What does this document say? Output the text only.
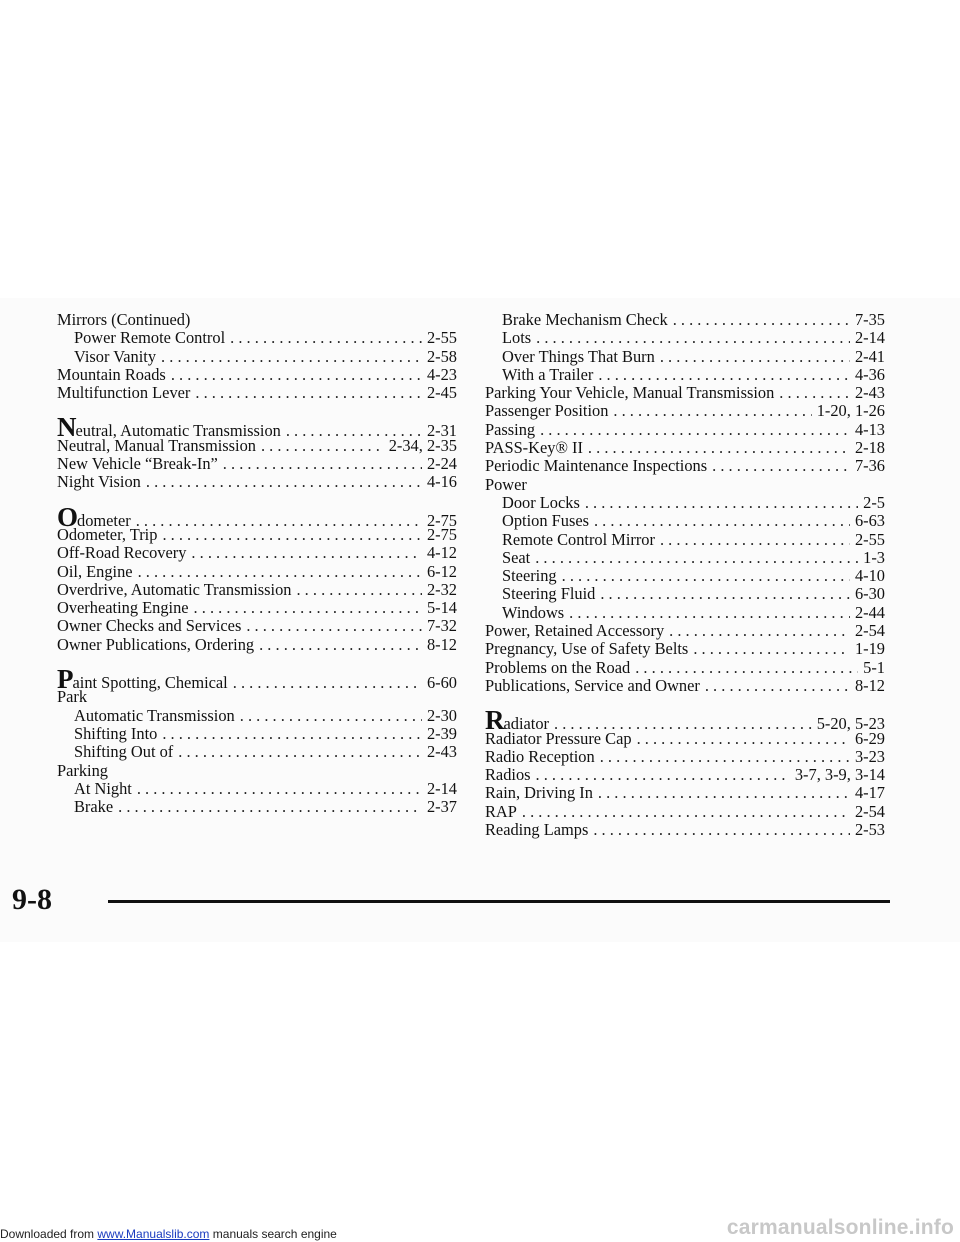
Mirrors (Continued)
Power Remote Control . . .	2-55
Visor Vanity . . .	2-58
Mountain Roads . . .	4-23
Multifunction Lever . . .	2-45
Neutral, Automatic Transmission . . .	2-31
Neutral, Manual Transmission . . .	2-34, 2-35
New Vehicle “Break-In” . . .	2-24
Night Vision . . .	4-16
Odometer . . .	2-75
Odometer, Trip . . .	2-75
Off-Road Recovery . . .	4-12
Oil, Engine . . .	6-12
Overdrive, Automatic Transmission . . .	2-32
Overheating Engine . . .	5-14
Owner Checks and Services . . .	7-32
Owner Publications, Ordering . . .	8-12
Paint Spotting, Chemical . . .	6-60
Park
Automatic Transmission . . .	2-30
Shifting Into . . .	2-39
Shifting Out of . . .	2-43
Parking
At Night . . .	2-14
Brake . . .	2-37
Brake Mechanism Check . . .	7-35
Lots . . .	2-14
Over Things That Burn . . .	2-41
With a Trailer . . .	4-36
Parking Your Vehicle, Manual Transmission . . .	2-43
Passenger Position . . .	1-20, 1-26
Passing . . .	4-13
PASS-Key® II . . .	2-18
Periodic Maintenance Inspections . . .	7-36
Power
Door Locks . . .	2-5
Option Fuses . . .	6-63
Remote Control Mirror . . .	2-55
Seat . . .	1-3
Steering . . .	4-10
Steering Fluid . . .	6-30
Windows . . .	2-44
Power, Retained Accessory . . .	2-54
Pregnancy, Use of Safety Belts . . .	1-19
Problems on the Road . . .	5-1
Publications, Service and Owner . . .	8-12
Radiator . . .	5-20, 5-23
Radiator Pressure Cap . . .	6-29
Radio Reception . . .	3-23
Radios . . .	3-7, 3-9, 3-14
Rain, Driving In . . .	4-17
RAP . . .	2-54
Reading Lamps . . .	2-53
9-8
Downloaded from www.Manualslib.com manuals search engine	carmanualsonline.info
